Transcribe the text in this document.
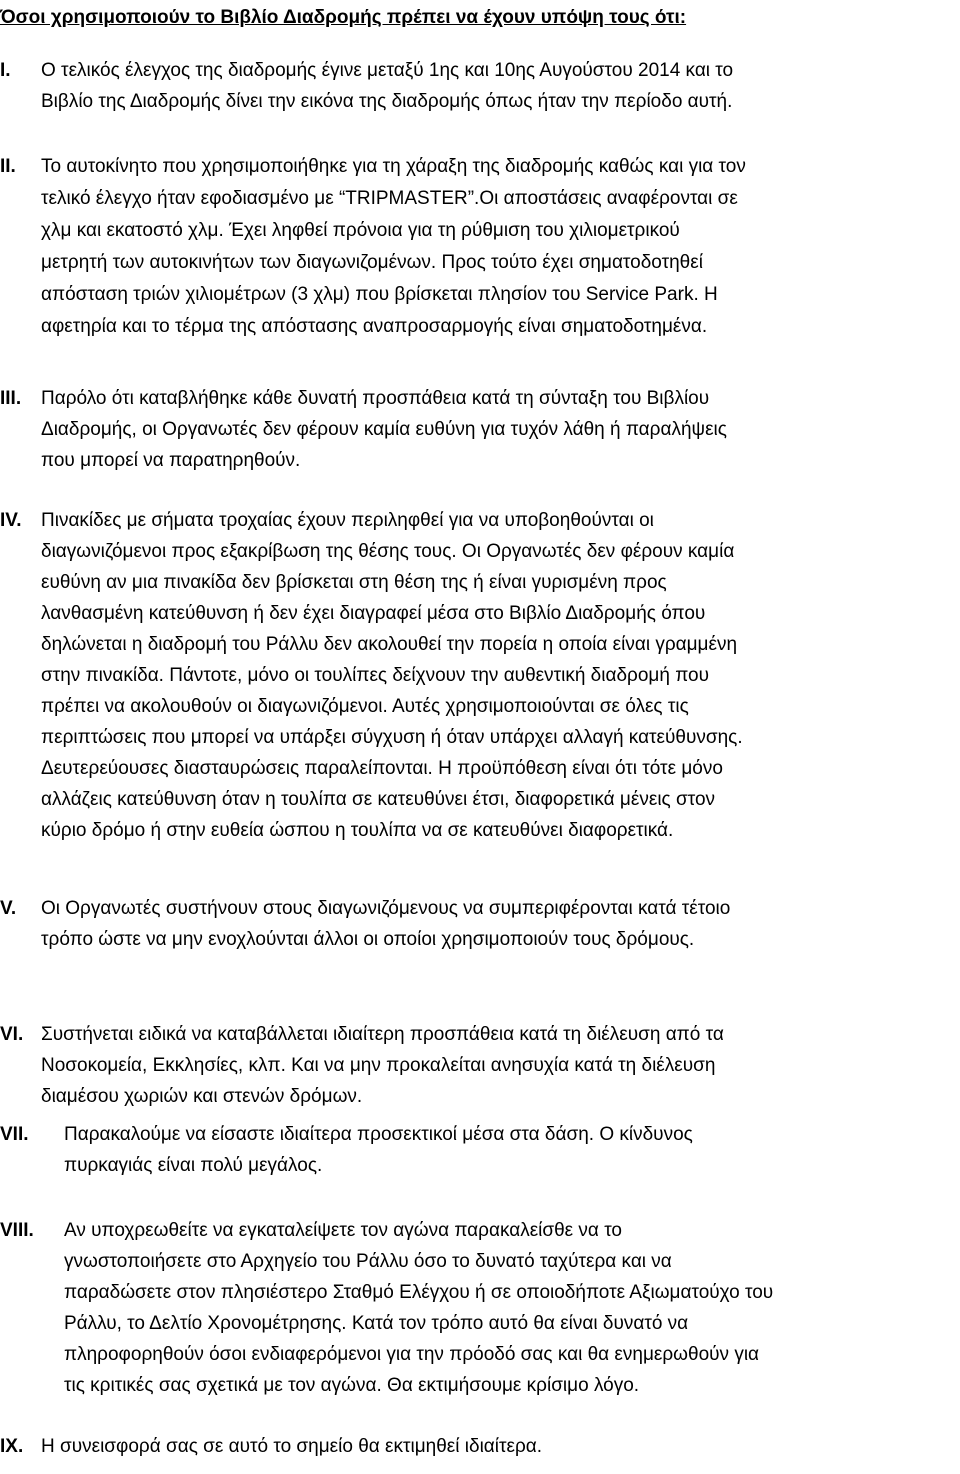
Όσοι χρησιμοποιούν το Βιβλίο Διαδρομής πρέπει να έχουν υπόψη τους ότι:
I. Ο τελικός έλεγχος της διαδρομής έγινε μεταξύ 1ης και 10ης Αυγούστου 2014 και το
Βιβλίο της Διαδρομής δίνει την εικόνα της διαδρομής όπως ήταν την περίοδο αυτή.
II. Το αυτοκίνητο που χρησιμοποιήθηκε για τη χάραξη της διαδρομής καθώς και για τον
τελικό έλεγχο ήταν εφοδιασμένο με “TRIPMASTER”.Οι αποστάσεις αναφέρονται σε
χλμ και εκατοστό χλμ. Έχει ληφθεί πρόνοια για τη ρύθμιση του χιλιομετρικού
μετρητή των αυτοκινήτων των διαγωνιζομένων. Προς τούτο έχει σηματοδοτηθεί
απόσταση τριών χιλιομέτρων (3 χλμ) που βρίσκεται πλησίον του Service Park. Η
αφετηρία και το τέρμα της απόστασης αναπροσαρμογής είναι σηματοδοτημένα.
III. Παρόλο ότι καταβλήθηκε κάθε δυνατή προσπάθεια κατά τη σύνταξη του Βιβλίου
Διαδρομής, οι Οργανωτές δεν φέρουν καμία ευθύνη για τυχόν λάθη ή παραλήψεις
που μπορεί να παρατηρηθούν.
IV. Πινακίδες με σήματα τροχαίας έχουν περιληφθεί για να υποβοηθούνται οι
διαγωνιζόμενοι προς εξακρίβωση της θέσης τους. Οι Οργανωτές δεν φέρουν καμία
ευθύνη αν μια πινακίδα δεν βρίσκεται στη θέση της ή είναι γυρισμένη προς
λανθασμένη κατεύθυνση ή δεν έχει διαγραφεί μέσα στο Βιβλίο Διαδρομής όπου
δηλώνεται η διαδρομή του Ράλλυ δεν ακολουθεί την πορεία η οποία είναι γραμμένη
στην πινακίδα. Πάντοτε, μόνο οι τουλίπες δείχνουν την αυθεντική διαδρομή που
πρέπει να ακολουθούν οι διαγωνιζόμενοι. Αυτές χρησιμοποιούνται σε όλες τις
περιπτώσεις που μπορεί να υπάρξει σύγχυση ή όταν υπάρχει αλλαγή κατεύθυνσης.
Δευτερεύουσες διασταυρώσεις παραλείπονται. Η προϋπόθεση είναι ότι τότε μόνο
αλλάζεις κατεύθυνση όταν η τουλίπα σε κατευθύνει έτσι, διαφορετικά μένεις στον
κύριο δρόμο ή στην ευθεία ώσπου η τουλίπα να σε κατευθύνει διαφορετικά.
V. Οι Οργανωτές συστήνουν στους διαγωνιζόμενους να συμπεριφέρονται κατά τέτοιο
τρόπο ώστε να μην ενοχλούνται άλλοι οι οποίοι χρησιμοποιούν τους δρόμους.
VI. Συστήνεται ειδικά να καταβάλλεται ιδιαίτερη προσπάθεια κατά τη διέλευση από τα
Νοσοκομεία, Εκκλησίες, κλπ. Και να μην προκαλείται ανησυχία κατά τη διέλευση
διαμέσου χωριών και στενών δρόμων.
VII. Παρακαλούμε να είσαστε ιδιαίτερα προσεκτικοί μέσα στα δάση. Ο κίνδυνος
πυρκαγιάς είναι πολύ μεγάλος.
VIII. Αν υποχρεωθείτε να εγκαταλείψετε τον αγώνα παρακαλείσθε να το
γνωστοποιήσετε στο Αρχηγείο του Ράλλυ όσο το δυνατό ταχύτερα και να
παραδώσετε στον πλησιέστερο Σταθμό Ελέγχου ή σε οποιοδήποτε Αξιωματούχο του
Ράλλυ, το Δελτίο Χρονομέτρησης. Κατά τον τρόπο αυτό θα είναι δυνατό να
πληροφορηθούν όσοι ενδιαφερόμενοι για την πρόοδό σας και θα ενημερωθούν για
τις κριτικές σας σχετικά με τον αγώνα. Θα εκτιμήσουμε κρίσιμο λόγο.
IX. Η συνεισφορά σας σε αυτό το σημείο θα εκτιμηθεί ιδιαίτερα.
